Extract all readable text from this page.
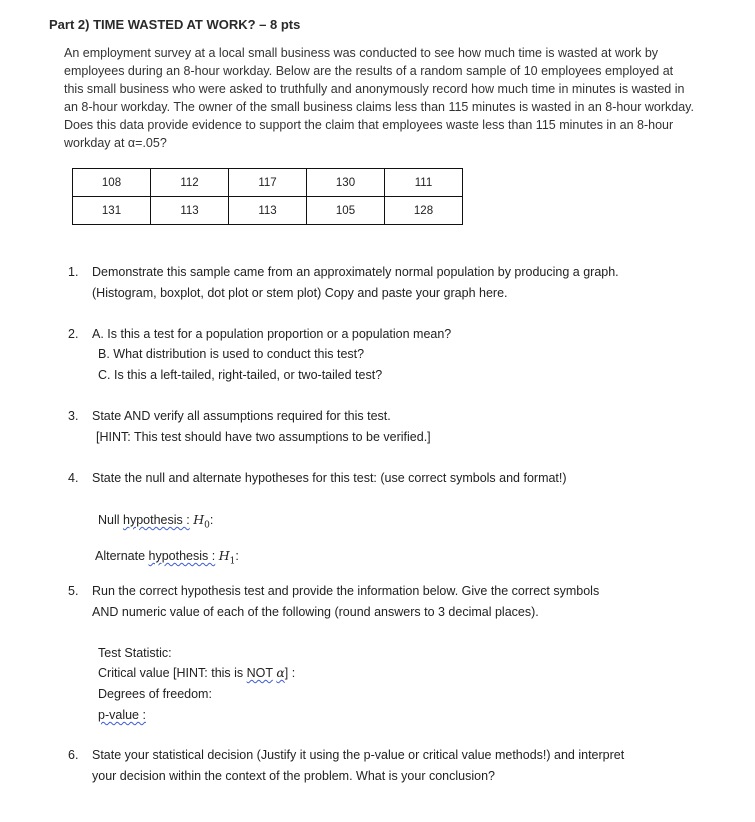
Part 2) TIME WASTED AT WORK? – 8 pts
An employment survey at a local small business was conducted to see how much time is wasted at work by employees during an 8-hour workday. Below are the results of a random sample of 10 employees employed at this small business who were asked to truthfully and anonymously record how much time in minutes is wasted in an 8-hour workday. The owner of the small business claims less than 115 minutes is wasted in an 8-hour workday. Does this data provide evidence to support the claim that employees waste less than 115 minutes in an 8-hour workday at α=.05?
108	112	117	130	111
131	113	113	105	128
1.	Demonstrate this sample came from an approximately normal population by producing a graph.
(Histogram, boxplot, dot plot or stem plot) Copy and paste your graph here.
2.	A. Is this a test for a population proportion or a population mean?
B. What distribution is used to conduct this test?
C. Is this a left-tailed, right-tailed, or two-tailed test?
3.	State AND verify all assumptions required for this test.
[HINT: This test should have two assumptions to be verified.]
4.	State the null and alternate hypotheses for this test: (use correct symbols and format!)
Null hypothesis : $H_0$:
Alternate hypothesis : $H_1$:
5.	Run the correct hypothesis test and provide the information below. Give the correct symbols
AND numeric value of each of the following (round answers to 3 decimal places).
Test Statistic:
Critical value [HINT: this is NOT α] :
Degrees of freedom:
p-value :
6.	State your statistical decision (Justify it using the p-value or critical value methods!) and interpret
your decision within the context of the problem. What is your conclusion?
